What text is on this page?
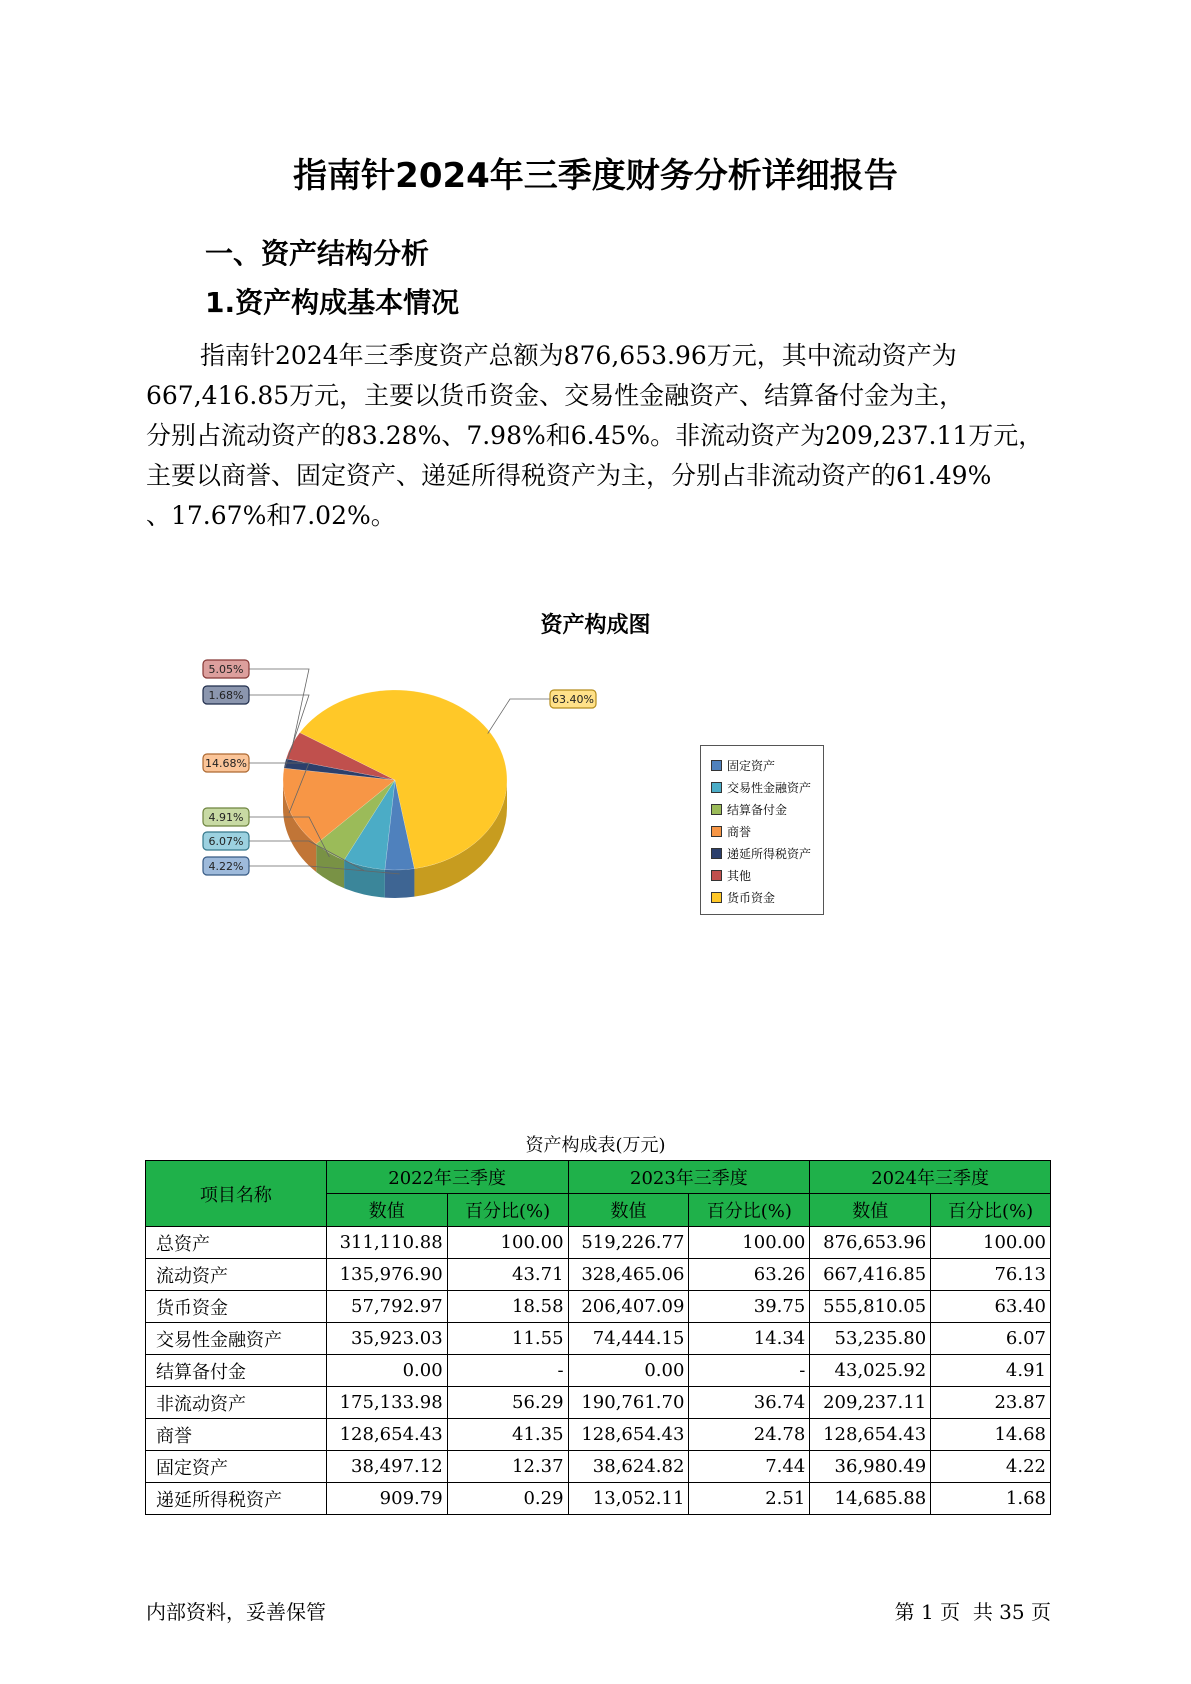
指南针2024年三季度财务分析详细报告
一、资产结构分析
1.资产构成基本情况
指南针2024年三季度资产总额为876,653.96万元，其中流动资产为
667,416.85万元，主要以货币资金、交易性金融资产、结算备付金为主，
分别占流动资产的83.28%、7.98%和6.45%。非流动资产为209,237.11万元，
主要以商誉、固定资产、递延所得税资产为主，分别占非流动资产的61.49%
、17.67%和7.02%。
资产构成图
4.22%
6.07%
4.91%
14.68%
1.68%
5.05%
63.40%
固定资产
交易性金融资产
结算备付金
商誉
递延所得税资产
其他
货币资金
资产构成表(万元)
项目名称	2022年三季度		2023年三季度		2024年三季度	
	数值	百分比(%)	数值	百分比(%)	数值	百分比(%)
总资产	311,110.88	100.00	519,226.77	100.00	876,653.96	100.00
流动资产	135,976.90	43.71	328,465.06	63.26	667,416.85	76.13
货币资金	57,792.97	18.58	206,407.09	39.75	555,810.05	63.40
交易性金融资产	35,923.03	11.55	74,444.15	14.34	53,235.80	6.07
结算备付金	0.00	-	0.00	-	43,025.92	4.91
非流动资产	175,133.98	56.29	190,761.70	36.74	209,237.11	23.87
商誉	128,654.43	41.35	128,654.43	24.78	128,654.43	14.68
固定资产	38,497.12	12.37	38,624.82	7.44	36,980.49	4.22
递延所得税资产	909.79	0.29	13,052.11	2.51	14,685.88	1.68
内部资料，妥善保管	第 1 页  共 35 页
